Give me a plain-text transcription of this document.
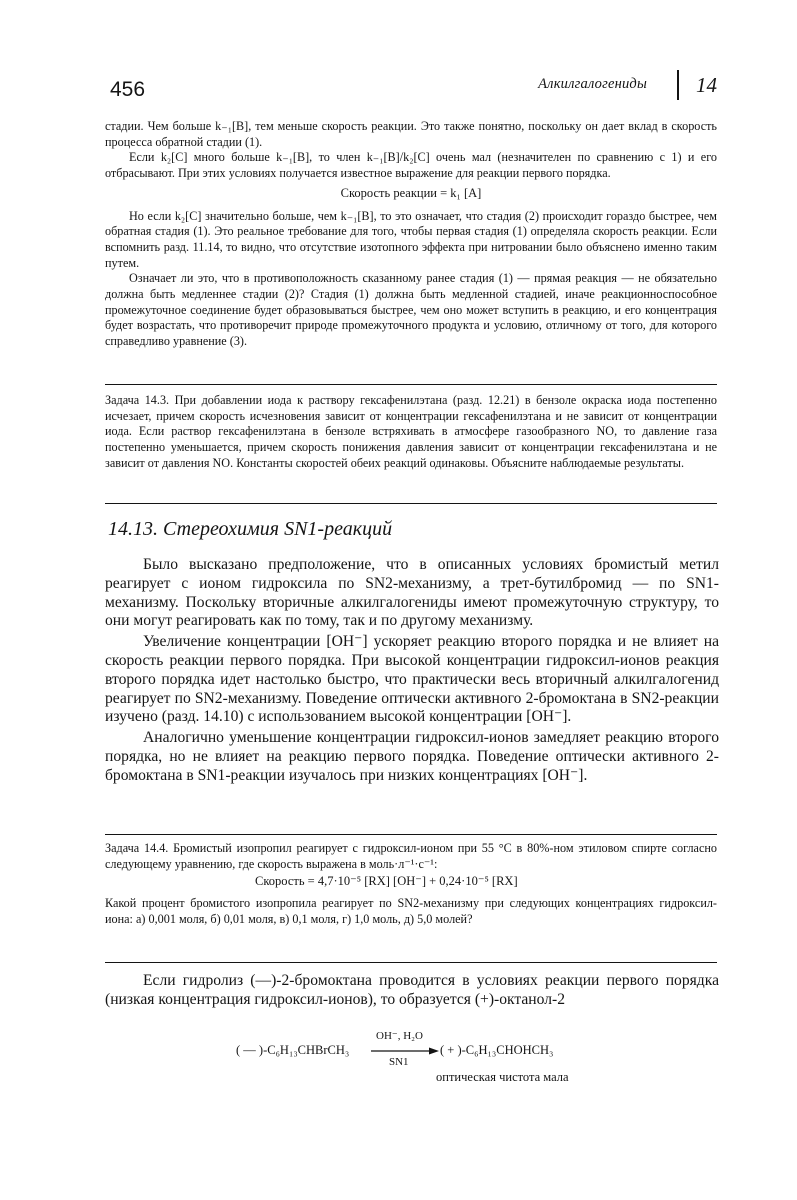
456	Алкилгалогениды 14

стадии. Чем больше k₋₁[B], тем меньше скорость реакции. Это также понятно, поскольку он дает вклад в скорость процесса обратной стадии (1).

Если k₂[C] много больше k₋₁[B], то член k₋₁[B]/k₂[C] очень мал (незначителен по сравнению с 1) и его отбрасывают. При этих условиях получается известное выражение для реакции первого порядка.

Скорость реакции = k₁ [A]

Но если k₂[C] значительно больше, чем k₋₁[B], то это означает, что стадия (2) происходит гораздо быстрее, чем обратная стадия (1). Это реальное требование для того, чтобы первая стадия (1) определяла скорость реакции. Если вспомнить разд. 11.14, то видно, что отсутствие изотопного эффекта при нитровании было объяснено именно таким путем.

Означает ли это, что в противоположность сказанному ранее стадия (1) — прямая реакция — не обязательно должна быть медленнее стадии (2)? Стадия (1) должна быть медленной стадией, иначе реакционноспособное промежуточное соединение будет образовываться быстрее, чем оно может вступить в реакцию, и его концентрация будет возрастать, что противоречит природе промежуточного продукта и условию, отличному от того, для которого справедливо уравнение (3).

Задача 14.3. При добавлении иода к раствору гексафенилэтана (разд. 12.21) в бензоле окраска иода постепенно исчезает, причем скорость исчезновения зависит от концентрации гексафенилэтана и не зависит от концентрации иода. Если раствор гексафенилэтана в бензоле встряхивать в атмосфере газообразного NO, то давление газа постепенно уменьшается, причем скорость понижения давления зависит от концентрации гексафенилэтана и не зависит от давления NO. Константы скоростей обеих реакций одинаковы. Объясните наблюдаемые результаты.

14.13. Стереохимия SN1-реакций

Было высказано предположение, что в описанных условиях бромистый метил реагирует с ионом гидроксила по SN2-механизму, а трет-бутилбромид — по SN1-механизму. Поскольку вторичные алкилгалогениды имеют промежуточную структуру, то они могут реагировать как по тому, так и по другому механизму.

Увеличение концентрации [OH⁻] ускоряет реакцию второго порядка и не влияет на скорость реакции первого порядка. При высокой концентрации гидроксил-ионов реакция второго порядка идет настолько быстро, что практически весь вторичный алкилгалогенид реагирует по SN2-механизму. Поведение оптически активного 2-бромоктана в SN2-реакции изучено (разд. 14.10) с использованием высокой концентрации [OH⁻].

Аналогично уменьшение концентрации гидроксил-ионов замедляет реакцию второго порядка, но не влияет на реакцию первого порядка. Поведение оптически активного 2-бромоктана в SN1-реакции изучалось при низких концентрациях [OH⁻].

Задача 14.4. Бромистый изопропил реагирует с гидроксил-ионом при 55 °C в 80%-ном этиловом спирте согласно следующему уравнению, где скорость выражена в моль·л⁻¹·с⁻¹:

Скорость = 4,7·10⁻⁵ [RX] [OH⁻] + 0,24·10⁻⁵ [RX]

Какой процент бромистого изопропила реагирует по SN2-механизму при следующих концентрациях гидроксил-иона: а) 0,001 моля, б) 0,01 моля, в) 0,1 моля, г) 1,0 моль, д) 5,0 молей?

Если гидролиз (—)-2-бромоктана проводится в условиях реакции первого порядка (низкая концентрация гидроксил-ионов), то образуется (+)-октанол-2

( — )-C₆H₁₃CHBrCH₃
OH⁻, H₂O
SN1
( + )-C₆H₁₃CHOHCH₃
оптическая чистота мала
